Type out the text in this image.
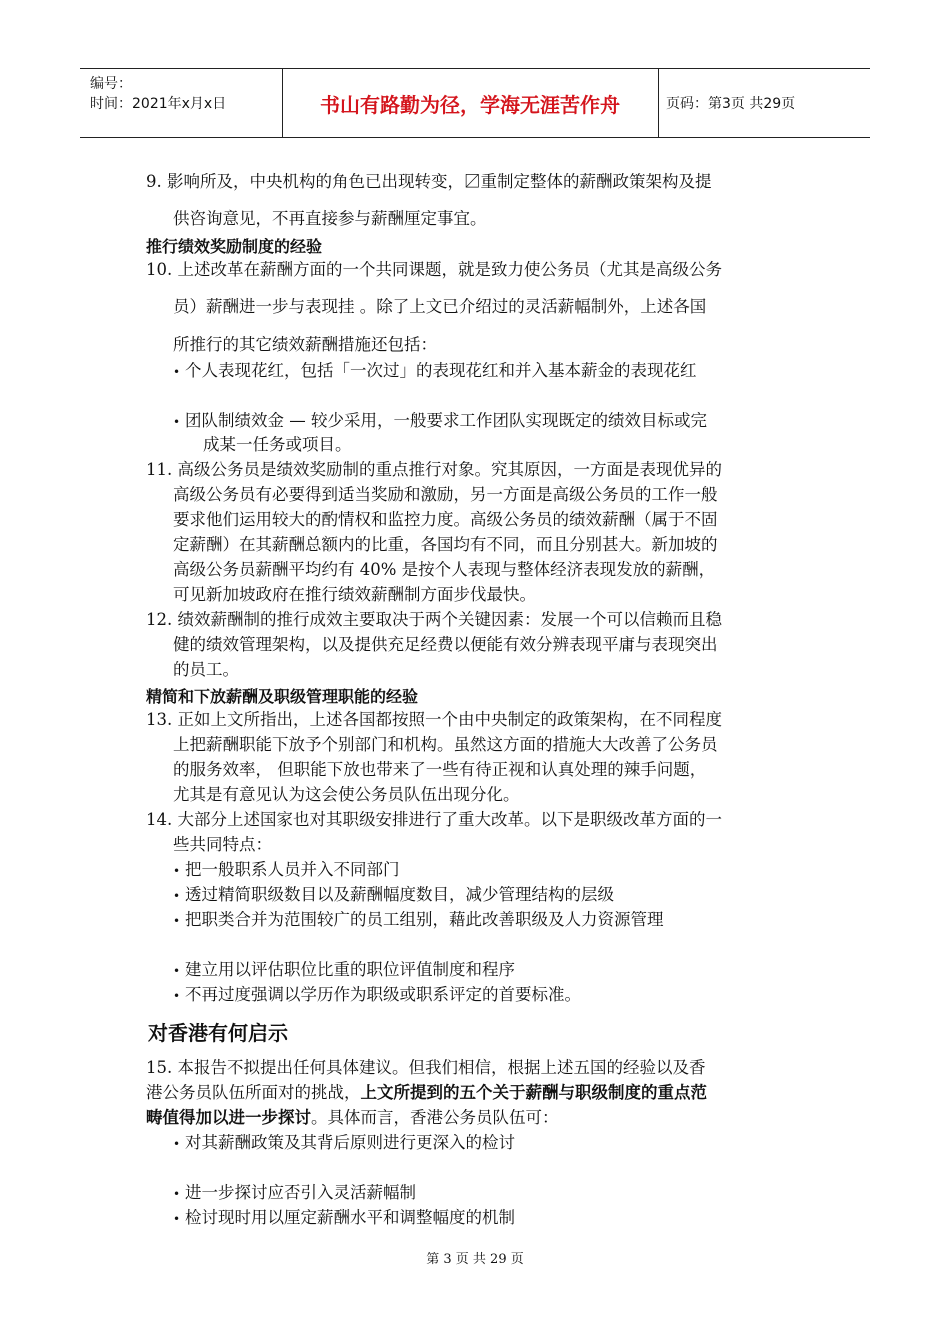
编号：
时间：2021年x月x日	书山有路勤为径，学海无涯苦作舟	页码：第3页 共29页
9. 影响所及，中央机构的角色已出现转变，〼重制定整体的薪酬政策架构及提
供咨询意见，不再直接参与薪酬厘定事宜。
推行绩效奖励制度的经验
10. 上述改革在薪酬方面的一个共同课题，就是致力使公务员（尤其是高级公务
员）薪酬进一步与表现挂 。除了上文已介绍过的灵活薪幅制外，上述各国
所推行的其它绩效薪酬措施还包括：
• 个人表现花红，包括「一次过」的表现花红和并入基本薪金的表现花红
• 团队制绩效金 — 较少采用，一般要求工作团队实现既定的绩效目标或完
成某一任务或项目。
11. 高级公务员是绩效奖励制的重点推行对象。究其原因，一方面是表现优异的
高级公务员有必要得到适当奖励和激励，另一方面是高级公务员的工作一般
要求他们运用较大的酌情权和监控力度。高级公务员的绩效薪酬（属于不固
定薪酬）在其薪酬总额内的比重，各国均有不同，而且分别甚大。新加坡的
高级公务员薪酬平均约有 40% 是按个人表现与整体经济表现发放的薪酬，
可见新加坡政府在推行绩效薪酬制方面步伐最快。
12. 绩效薪酬制的推行成效主要取决于两个关键因素：发展一个可以信赖而且稳
健的绩效管理架构，以及提供充足经费以便能有效分辨表现平庸与表现突出
的员工。
精简和下放薪酬及职级管理职能的经验
13. 正如上文所指出，上述各国都按照一个由中央制定的政策架构，在不同程度
上把薪酬职能下放予个别部门和机构。虽然这方面的措施大大改善了公务员
的服务效率， 但职能下放也带来了一些有待正视和认真处理的辣手问题，
尤其是有意见认为这会使公务员队伍出现分化。
14. 大部分上述国家也对其职级安排进行了重大改革。以下是职级改革方面的一
些共同特点：
• 把一般职系人员并入不同部门
• 透过精简职级数目以及薪酬幅度数目，减少管理结构的层级
• 把职类合并为范围较广的员工组别，藉此改善职级及人力资源管理
• 建立用以评估职位比重的职位评值制度和程序
• 不再过度强调以学历作为职级或职系评定的首要标准。
对香港有何启示
15. 本报告不拟提出任何具体建议。但我们相信，根据上述五国的经验以及香
港公务员队伍所面对的挑战，上文所提到的五个关于薪酬与职级制度的重点范
畴值得加以进一步探讨。具体而言，香港公务员队伍可：
• 对其薪酬政策及其背后原则进行更深入的检讨
• 进一步探讨应否引入灵活薪幅制
• 检讨现时用以厘定薪酬水平和调整幅度的机制
第 3 页 共 29 页
